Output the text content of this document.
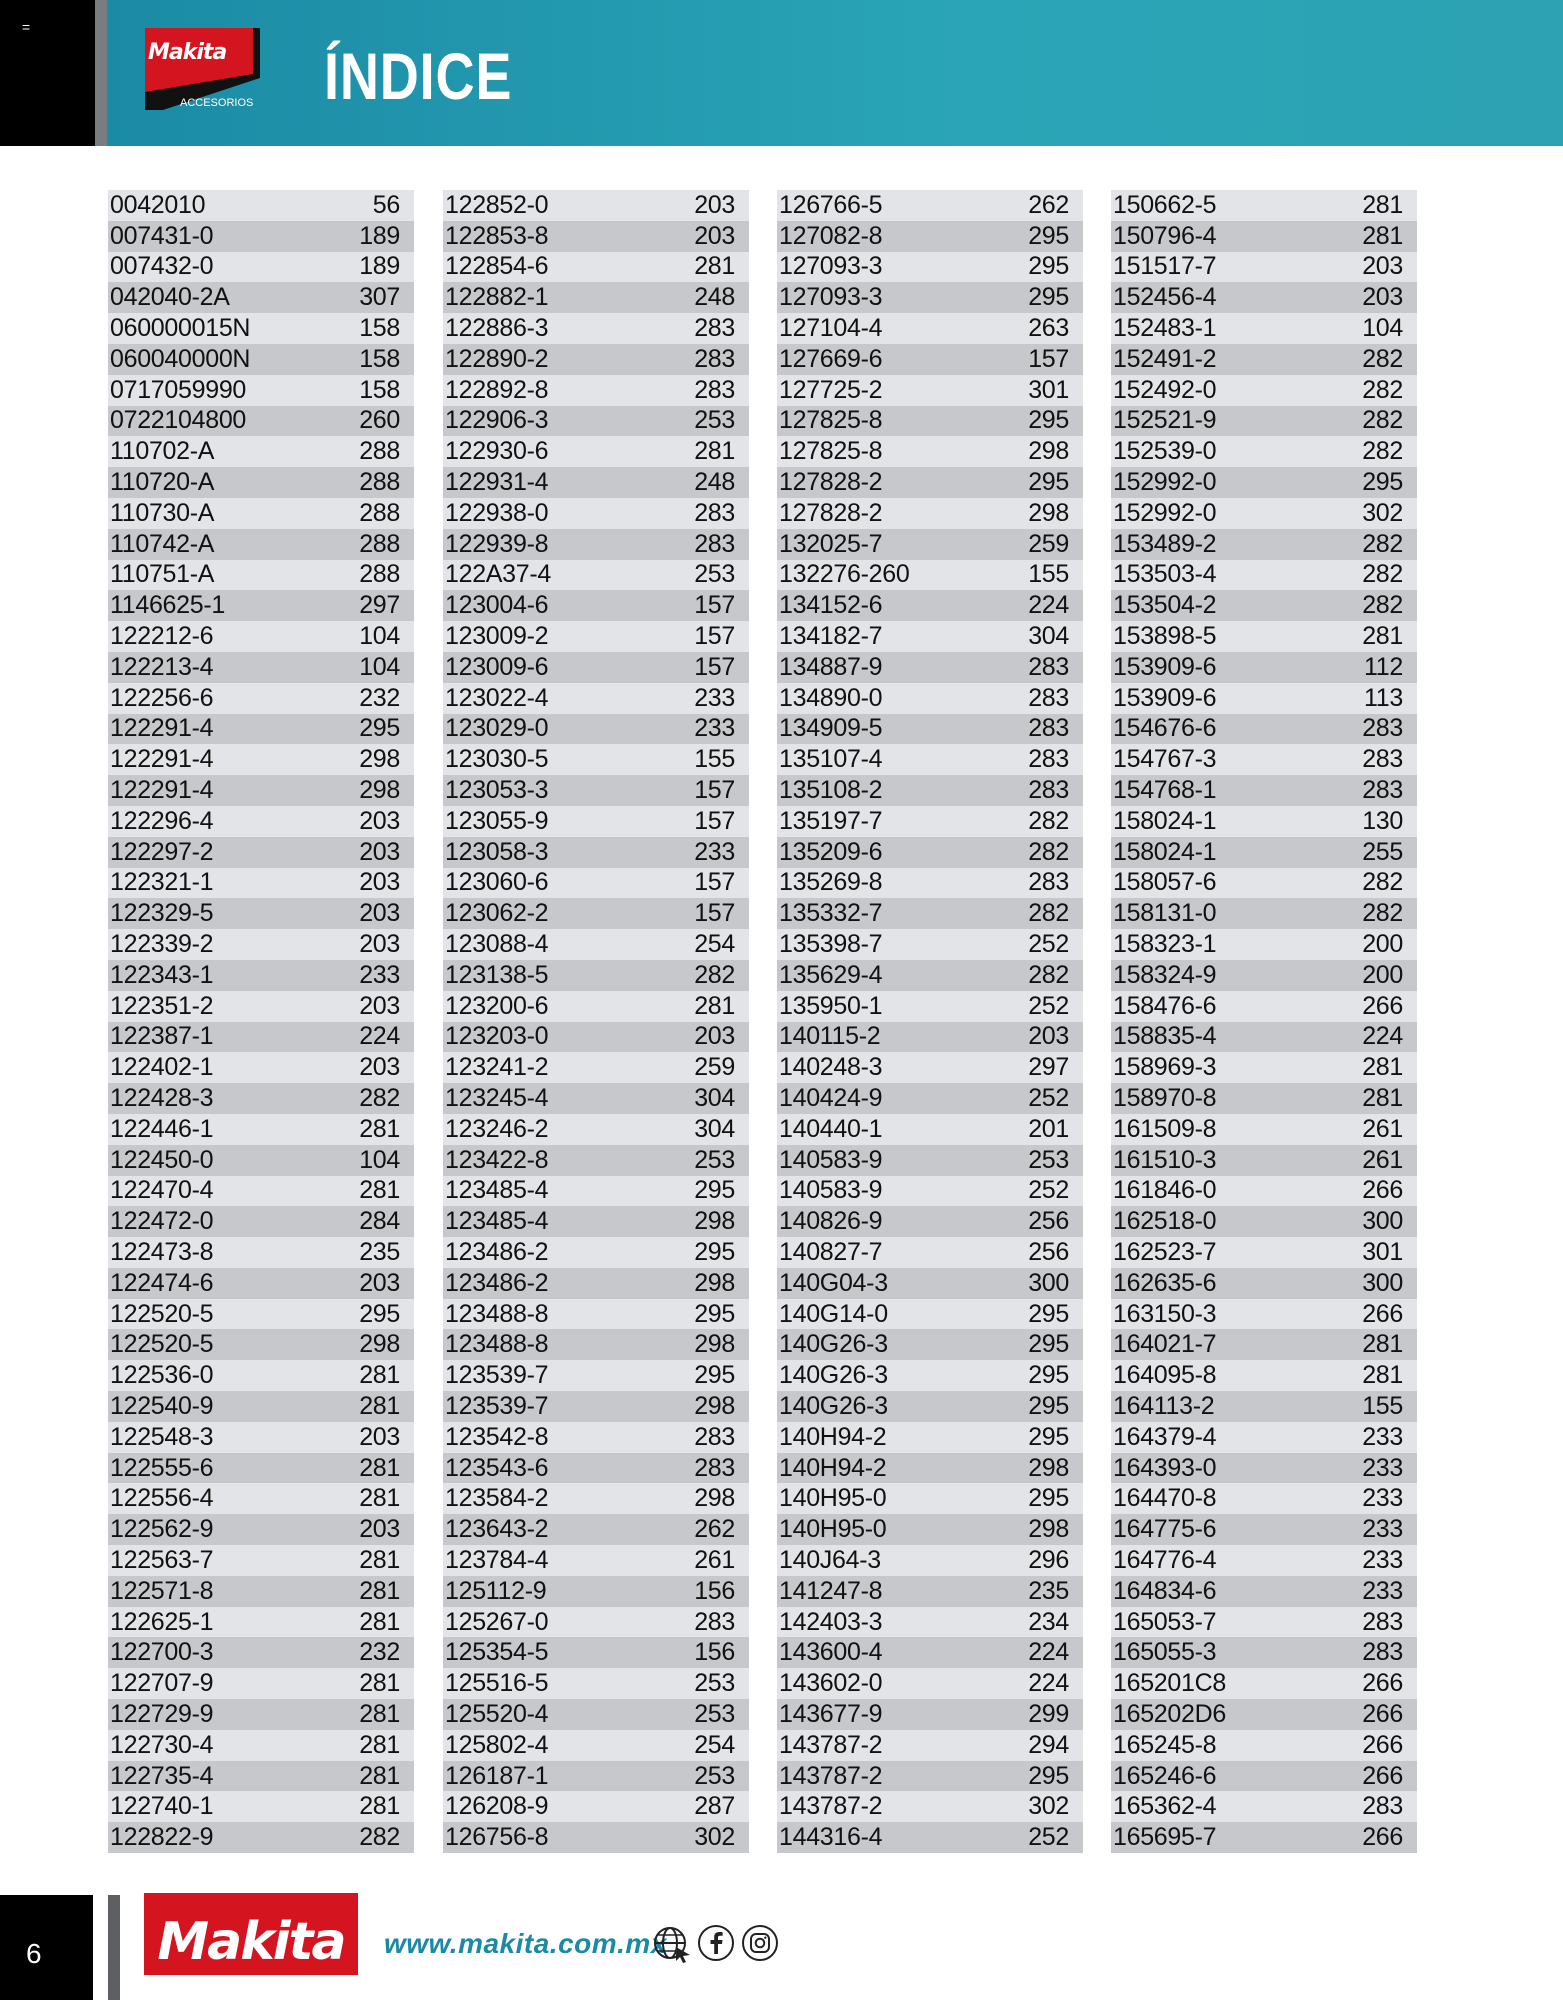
=
Makita
ACCESORIOS ÍNDICE
0042010	56
007431-0	189
007432-0	189
042040-2A	307
060000015N	158
060040000N	158
0717059990	158
0722104800	260
110702-A	288
110720-A	288
110730-A	288
110742-A	288
110751-A	288
1146625-1	297
122212-6	104
122213-4	104
122256-6	232
122291-4	295
122291-4	298
122291-4	298
122296-4	203
122297-2	203
122321-1	203
122329-5	203
122339-2	203
122343-1	233
122351-2	203
122387-1	224
122402-1	203
122428-3	282
122446-1	281
122450-0	104
122470-4	281
122472-0	284
122473-8	235
122474-6	203
122520-5	295
122520-5	298
122536-0	281
122540-9	281
122548-3	203
122555-6	281
122556-4	281
122562-9	203
122563-7	281
122571-8	281
122625-1	281
122700-3	232
122707-9	281
122729-9	281
122730-4	281
122735-4	281
122740-1	281
122822-9	282
122852-0	203
122853-8	203
122854-6	281
122882-1	248
122886-3	283
122890-2	283
122892-8	283
122906-3	253
122930-6	281
122931-4	248
122938-0	283
122939-8	283
122A37-4	253
123004-6	157
123009-2	157
123009-6	157
123022-4	233
123029-0	233
123030-5	155
123053-3	157
123055-9	157
123058-3	233
123060-6	157
123062-2	157
123088-4	254
123138-5	282
123200-6	281
123203-0	203
123241-2	259
123245-4	304
123246-2	304
123422-8	253
123485-4	295
123485-4	298
123486-2	295
123486-2	298
123488-8	295
123488-8	298
123539-7	295
123539-7	298
123542-8	283
123543-6	283
123584-2	298
123643-2	262
123784-4	261
125112-9	156
125267-0	283
125354-5	156
125516-5	253
125520-4	253
125802-4	254
126187-1	253
126208-9	287
126756-8	302
126766-5	262
127082-8	295
127093-3	295
127093-3	295
127104-4	263
127669-6	157
127725-2	301
127825-8	295
127825-8	298
127828-2	295
127828-2	298
132025-7	259
132276-260	155
134152-6	224
134182-7	304
134887-9	283
134890-0	283
134909-5	283
135107-4	283
135108-2	283
135197-7	282
135209-6	282
135269-8	283
135332-7	282
135398-7	252
135629-4	282
135950-1	252
140115-2	203
140248-3	297
140424-9	252
140440-1	201
140583-9	253
140583-9	252
140826-9	256
140827-7	256
140G04-3	300
140G14-0	295
140G26-3	295
140G26-3	295
140G26-3	295
140H94-2	295
140H94-2	298
140H95-0	295
140H95-0	298
140J64-3	296
141247-8	235
142403-3	234
143600-4	224
143602-0	224
143677-9	299
143787-2	294
143787-2	295
143787-2	302
144316-4	252
150662-5	281
150796-4	281
151517-7	203
152456-4	203
152483-1	104
152491-2	282
152492-0	282
152521-9	282
152539-0	282
152992-0	295
152992-0	302
153489-2	282
153503-4	282
153504-2	282
153898-5	281
153909-6	112
153909-6	113
154676-6	283
154767-3	283
154768-1	283
158024-1	130
158024-1	255
158057-6	282
158131-0	282
158323-1	200
158324-9	200
158476-6	266
158835-4	224
158969-3	281
158970-8	281
161509-8	261
161510-3	261
161846-0	266
162518-0	300
162523-7	301
162635-6	300
163150-3	266
164021-7	281
164095-8	281
164113-2	155
164379-4	233
164393-0	233
164470-8	233
164775-6	233
164776-4	233
164834-6	233
165053-7	283
165055-3	283
165201C8	266
165202D6	266
165245-8	266
165246-6	266
165362-4	283
165695-7	266
6 Makita www.makita.com.mx
